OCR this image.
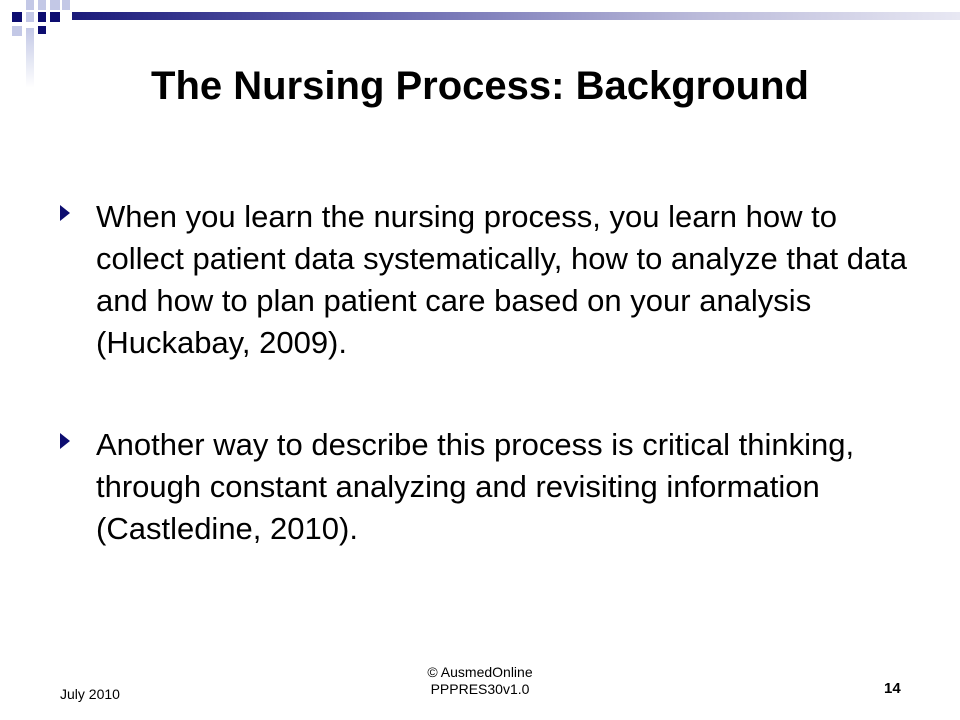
The Nursing Process: Background
When you learn the nursing process, you learn how to collect patient data systematically, how to analyze that data and how to plan patient care based on your analysis (Huckabay, 2009).
Another way to describe this process is critical thinking, through constant analyzing and revisiting information (Castledine, 2010).
July 2010
© AusmedOnline
PPPRES30v1.0	14
